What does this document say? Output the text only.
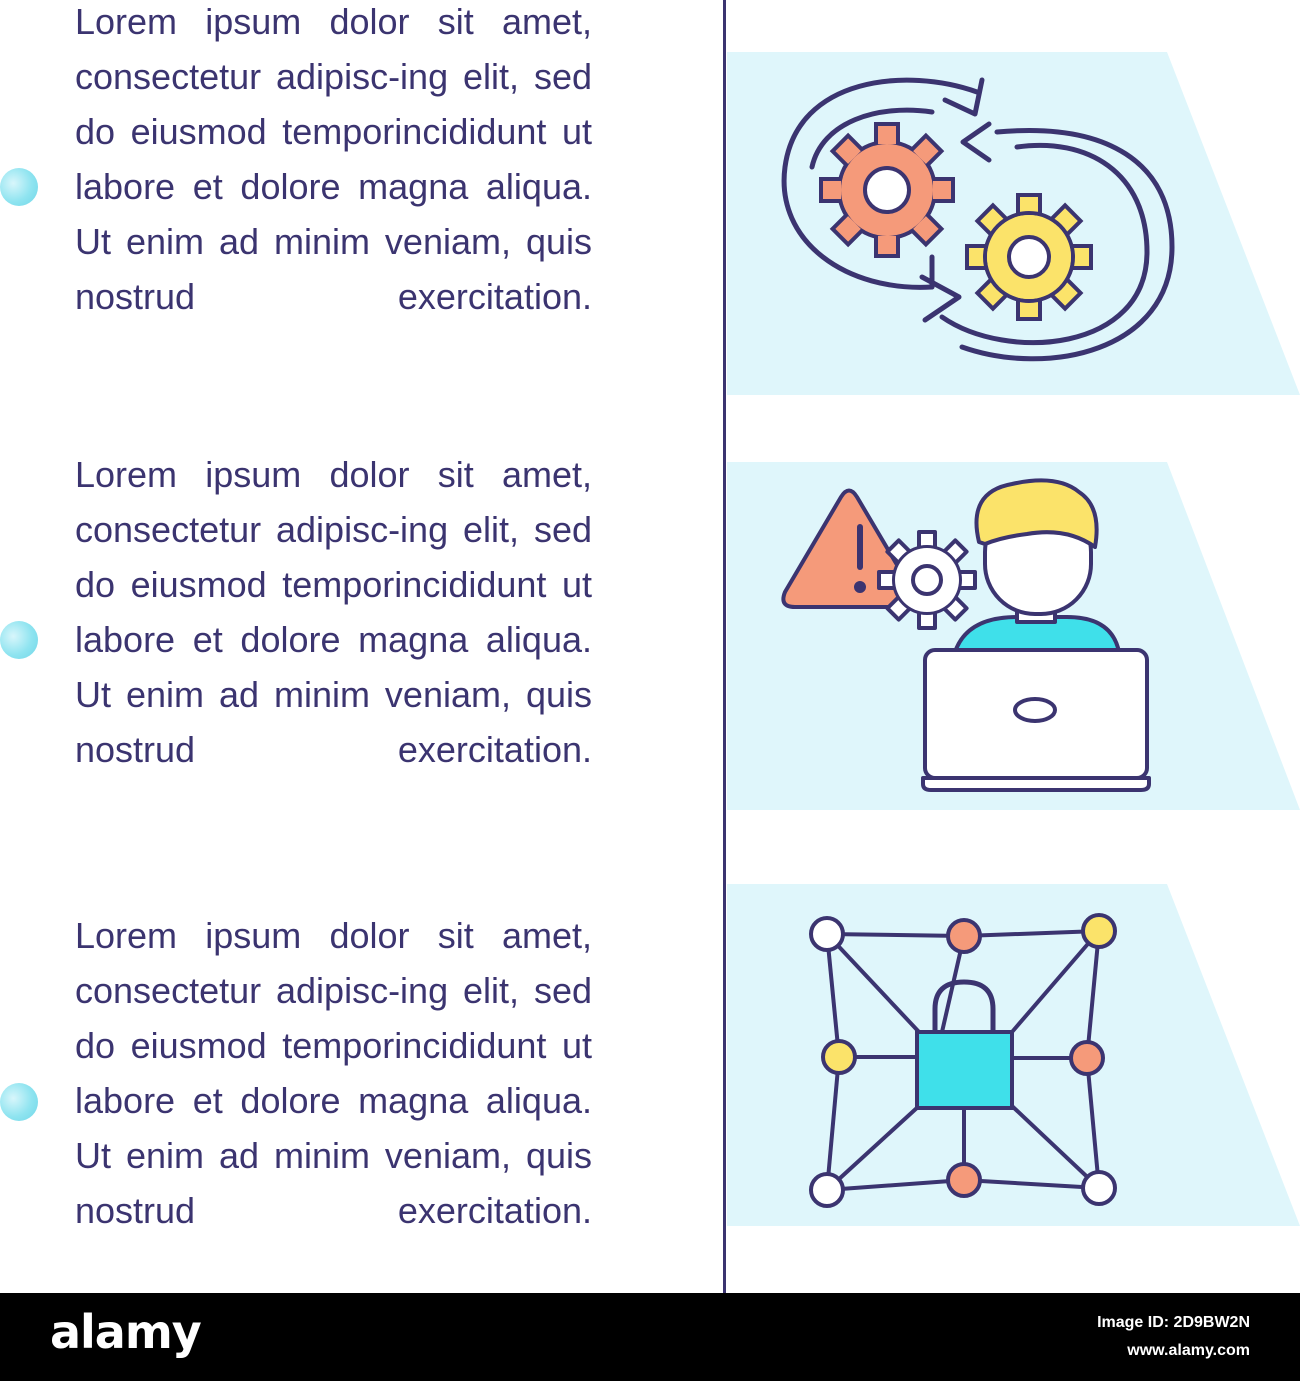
Lorem ipsum dolor sit amet, consectetur adipisc-ing elit, sed do eiusmod temporincididunt ut labore et dolore magna aliqua. Ut enim ad minim veniam, quis nostrud exercitation.

Lorem ipsum dolor sit amet, consectetur adipisc-ing elit, sed do eiusmod temporincididunt ut labore et dolore magna aliqua. Ut enim ad minim veniam, quis nostrud exercitation.

Lorem ipsum dolor sit amet, consectetur adipisc-ing elit, sed do eiusmod temporincididunt ut labore et dolore magna aliqua. Ut enim ad minim veniam, quis nostrud exercitation.

alamy	Image ID: 2D9BW2N
www.alamy.com
